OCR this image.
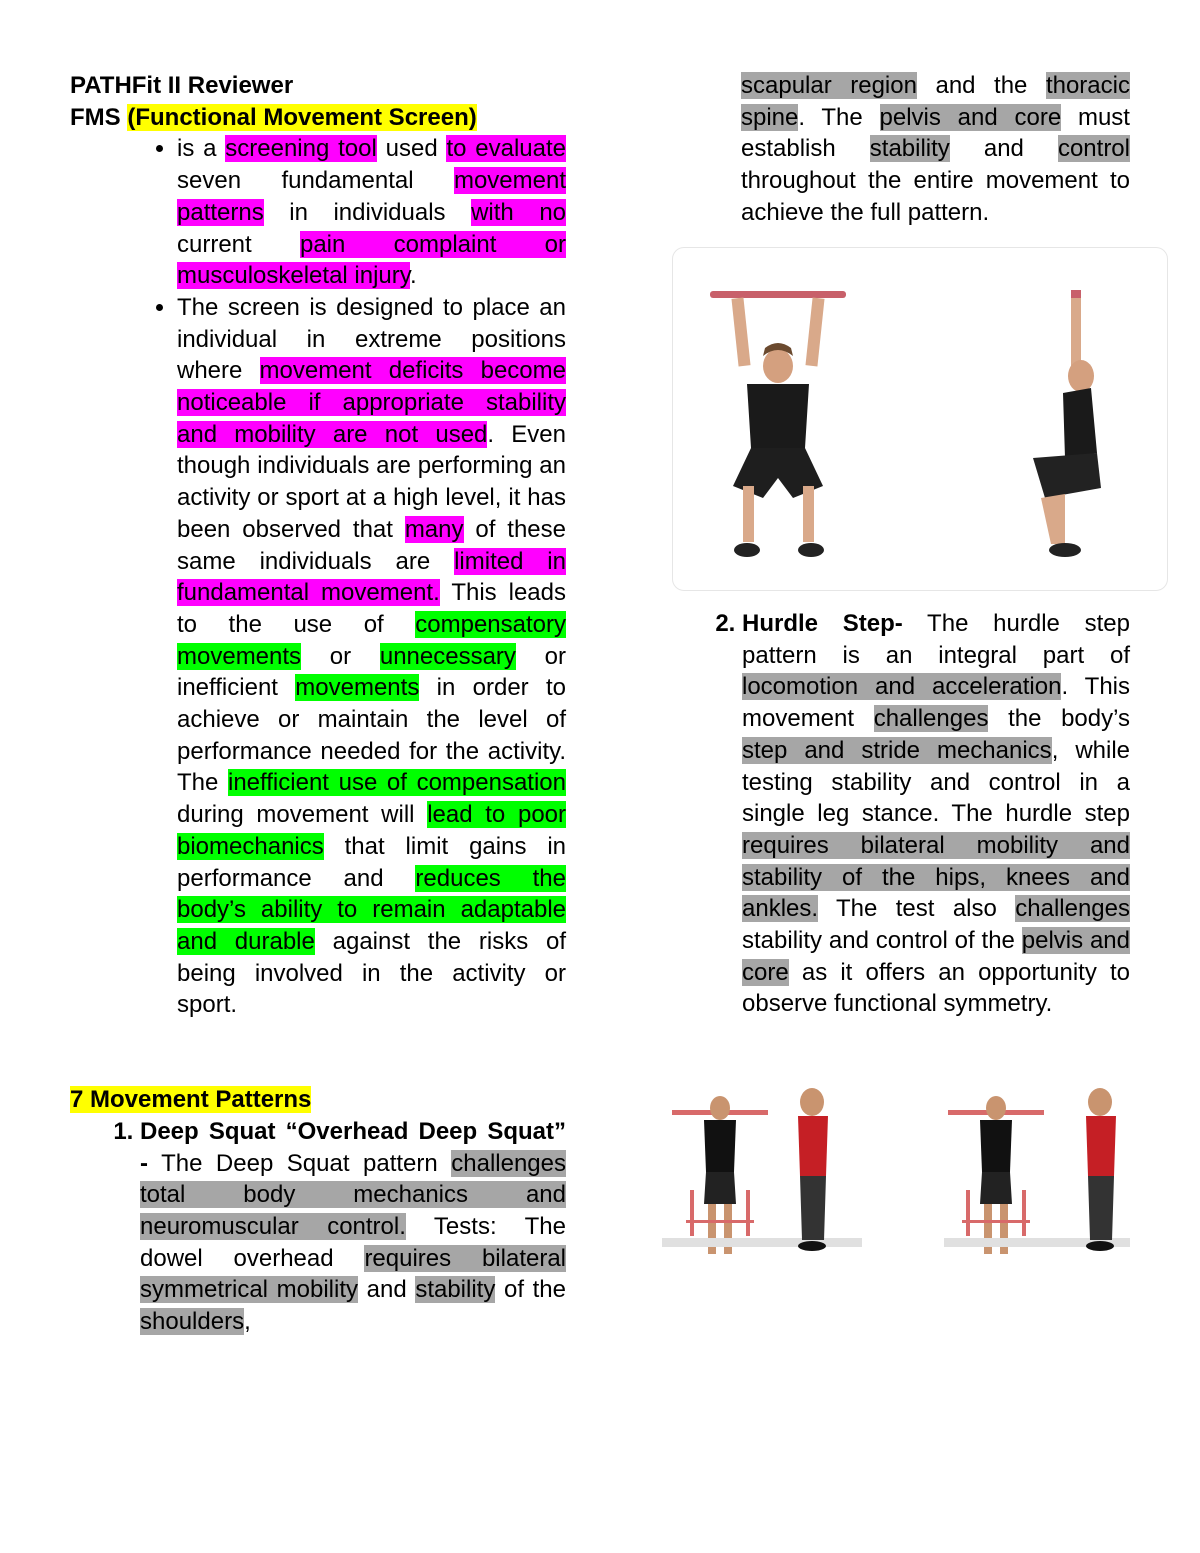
PATHFit II Reviewer

FMS (Functional Movement Screen)

• is a screening tool used to evaluate seven fundamental movement patterns in individuals with no current pain complaint or musculoskeletal injury.
• The screen is designed to place an individual in extreme positions where movement deficits become noticeable if appropriate stability and mobility are not used. Even though individuals are performing an activity or sport at a high level, it has been observed that many of these same individuals are limited in fundamental movement. This leads to the use of compensatory movements or unnecessary or inefficient movements in order to achieve or maintain the level of performance needed for the activity. The inefficient use of compensation during movement will lead to poor biomechanics that limit gains in performance and reduces the body’s ability to remain adaptable and durable against the risks of being involved in the activity or sport.

7 Movement Patterns

1. Deep Squat “Overhead Deep Squat” - The Deep Squat pattern challenges total body mechanics and neuromuscular control. Tests: The dowel overhead requires bilateral symmetrical mobility and stability of the shoulders,

scapular region and the thoracic spine. The pelvis and core must establish stability and control throughout the entire movement to achieve the full pattern.

2. Hurdle Step- The hurdle step pattern is an integral part of locomotion and acceleration. This movement challenges the body’s step and stride mechanics, while testing stability and control in a single leg stance. The hurdle step requires bilateral mobility and stability of the hips, knees and ankles. The test also challenges stability and control of the pelvis and core as it offers an opportunity to observe functional symmetry.
